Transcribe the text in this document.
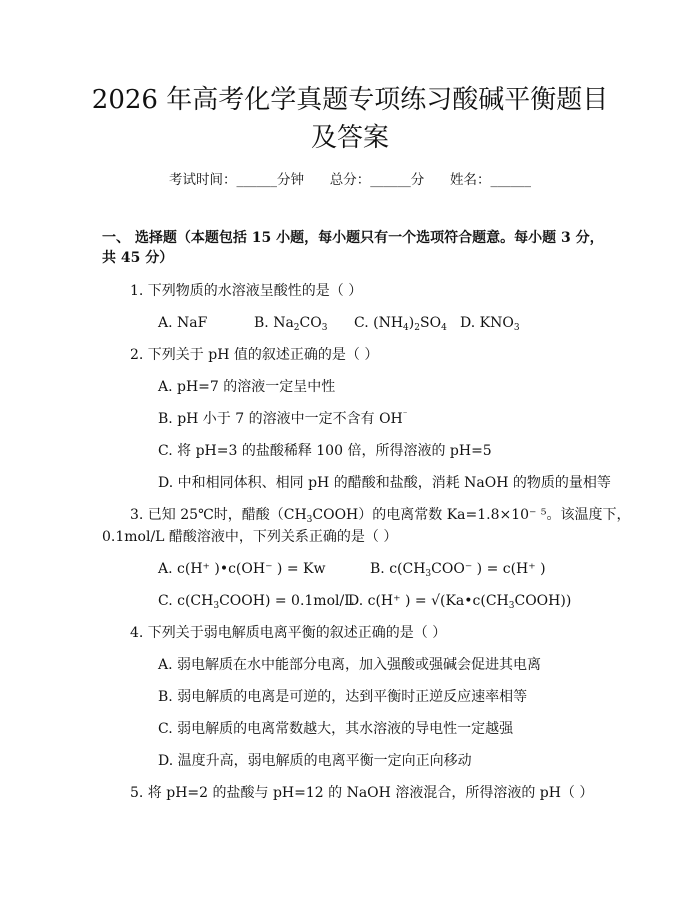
2026 年高考化学真题专项练习酸碱平衡题目
及答案
考试时间：______分钟 总分：______分 姓名：______
一、 选择题（本题包括 15 小题，每小题只有一个选项符合题意。每小题 3 分，
共 45 分）
1. 下列物质的水溶液呈酸性的是（ ）
A. NaF	B. $Na_2CO_3$ C. $(NH_4)_2SO_4$ D. $KNO_3$
2. 下列关于 pH 值的叙述正确的是（ ）
A. pH=7 的溶液一定呈中性
B. pH 小于 7 的溶液中一定不含有 OH⁻
C. 将 pH=3 的盐酸稀释 100 倍，所得溶液的 pH=5
D. 中和相同体积、相同 pH 的醋酸和盐酸，消耗 NaOH 的物质的量相等
3. 已知 25℃时，醋酸$(CH_3COOH)$的电离常数 Ka=1.8×10⁻ ⁵。该温度下，
0.1mol/L 醋酸溶液中，下列关系正确的是（ ）
A. c(H⁺ )•c(OH⁻ ) = Kw	B. $c(CH_3COO^-$ ) = c(H⁺ )
C. $c(CH_3COOH) = 0.1mol/LD$. c(H⁺ ) = $√(Ka•c(CH_3COOH))$
4. 下列关于弱电解质电离平衡的叙述正确的是（ ）
A. 弱电解质在水中能部分电离，加入强酸或强碱会促进其电离
B. 弱电解质的电离是可逆的，达到平衡时正逆反应速率相等
C. 弱电解质的电离常数越大，其水溶液的导电性一定越强
D. 温度升高，弱电解质的电离平衡一定向正向移动
5. 将 pH=2 的盐酸与 pH=12 的 NaOH 溶液混合，所得溶液的 pH（ ）
